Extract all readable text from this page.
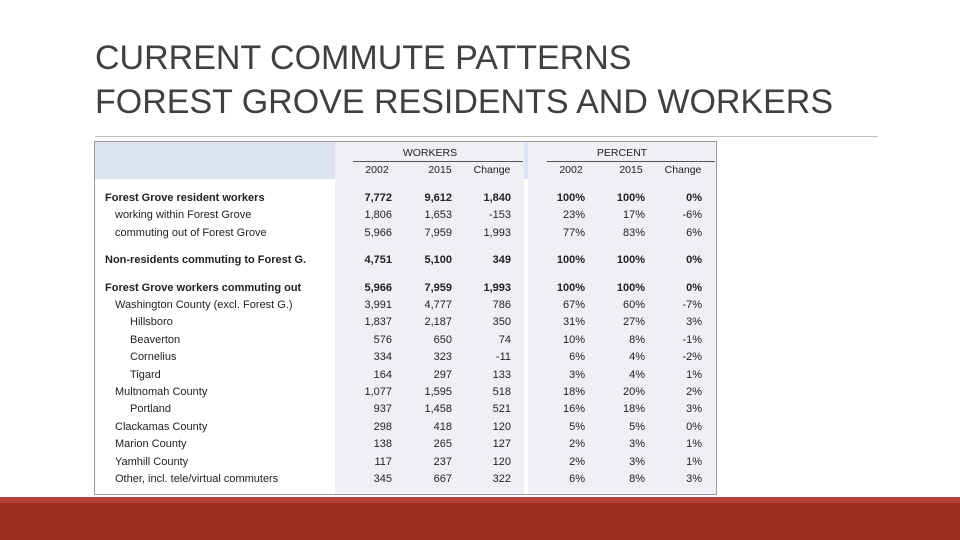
CURRENT COMMUTE PATTERNS
FOREST GROVE RESIDENTS AND WORKERS
WORKERS	PERCENT
2002	2015	Change	2002	2015	Change
Forest Grove resident workers	7,772	9,612	1,840	100%	100%	0%
working within Forest Grove	1,806	1,653	-153	23%	17%	-6%
commuting out of Forest Grove	5,966	7,959	1,993	77%	83%	6%
Non-residents commuting to Forest G.	4,751	5,100	349	100%	100%	0%
Forest Grove workers commuting out	5,966	7,959	1,993	100%	100%	0%
Washington County (excl. Forest G.)	3,991	4,777	786	67%	60%	-7%
Hillsboro	1,837	2,187	350	31%	27%	3%
Beaverton	576	650	74	10%	8%	-1%
Cornelius	334	323	-11	6%	4%	-2%
Tigard	164	297	133	3%	4%	1%
Multnomah County	1,077	1,595	518	18%	20%	2%
Portland	937	1,458	521	16%	18%	3%
Clackamas County	298	418	120	5%	5%	0%
Marion County	138	265	127	2%	3%	1%
Yamhill County	117	237	120	2%	3%	1%
Other, incl. tele/virtual commuters	345	667	322	6%	8%	3%
